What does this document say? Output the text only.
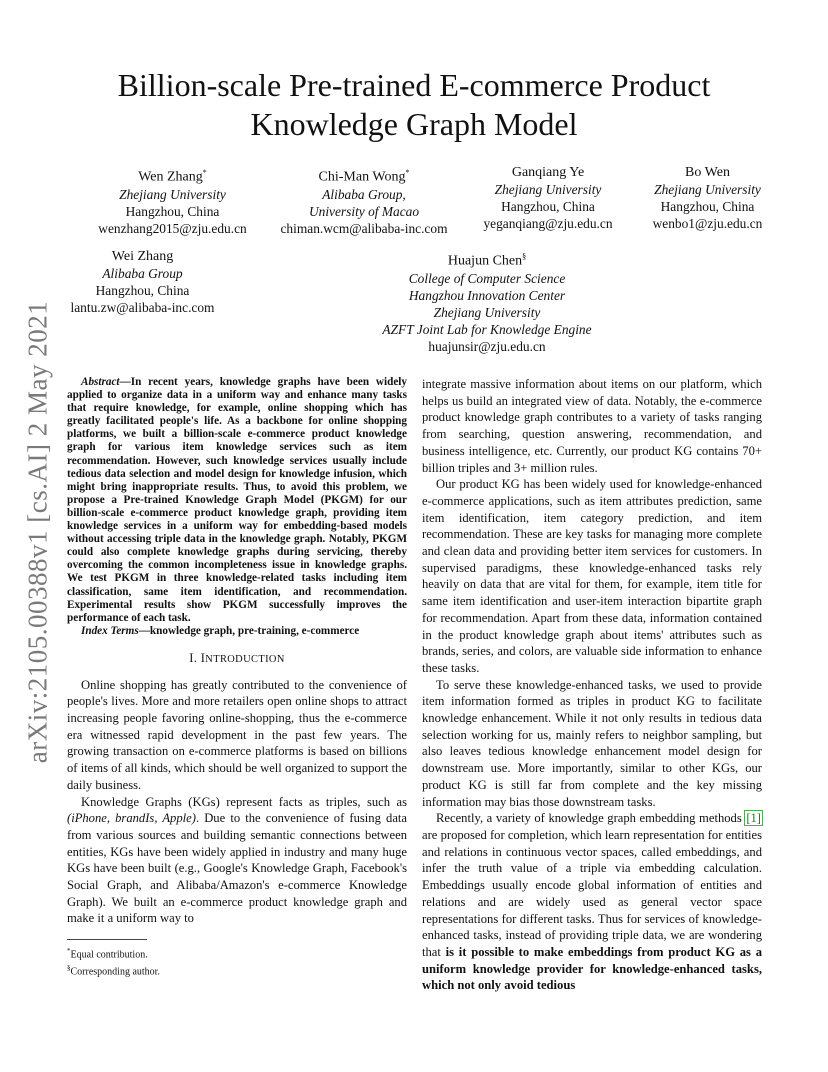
arXiv:2105.00388v1 [cs.AI] 2 May 2021
Billion-scale Pre-trained E-commerce Product
Knowledge Graph Model
Wen Zhang*
Zhejiang University
Hangzhou, China
wenzhang2015@zju.edu.cn
Chi-Man Wong*
Alibaba Group,
University of Macao
chiman.wcm@alibaba-inc.com
Ganqiang Ye
Zhejiang University
Hangzhou, China
yeganqiang@zju.edu.cn
Bo Wen
Zhejiang University
Hangzhou, China
wenbo1@zju.edu.cn
Wei Zhang
Alibaba Group
Hangzhou, China
lantu.zw@alibaba-inc.com
Huajun Chen§
College of Computer Science
Hangzhou Innovation Center
Zhejiang University
AZFT Joint Lab for Knowledge Engine
huajunsir@zju.edu.cn

Abstract—In recent years, knowledge graphs have been widely applied to organize data in a uniform way and enhance many tasks that require knowledge, for example, online shopping which has greatly facilitated people's life. As a backbone for online shopping platforms, we built a billion-scale e-commerce product knowledge graph for various item knowledge services such as item recommendation. However, such knowledge services usually include tedious data selection and model design for knowledge infusion, which might bring inappropriate results. Thus, to avoid this problem, we propose a Pre-trained Knowledge Graph Model (PKGM) for our billion-scale e-commerce product knowledge graph, providing item knowledge services in a uniform way for embedding-based models without accessing triple data in the knowledge graph. Notably, PKGM could also complete knowledge graphs during servicing, thereby overcoming the common incompleteness issue in knowledge graphs. We test PKGM in three knowledge-related tasks including item classification, same item identification, and recommendation. Experimental results show PKGM successfully improves the performance of each task.

Index Terms—knowledge graph, pre-training, e-commerce

I. INTRODUCTION

Online shopping has greatly contributed to the convenience of people's lives. More and more retailers open online shops to attract increasing people favoring online-shopping, thus the e-commerce era witnessed rapid development in the past few years. The growing transaction on e-commerce platforms is based on billions of items of all kinds, which should be well organized to support the daily business.

Knowledge Graphs (KGs) represent facts as triples, such as (iPhone, brandIs, Apple). Due to the convenience of fusing data from various sources and building semantic connections between entities, KGs have been widely applied in industry and many huge KGs have been built (e.g., Google's Knowledge Graph, Facebook's Social Graph, and Alibaba/Amazon's e-commerce Knowledge Graph). We built an e-commerce product knowledge graph and make it a uniform way to

integrate massive information about items on our platform, which helps us build an integrated view of data. Notably, the e-commerce product knowledge graph contributes to a variety of tasks ranging from searching, question answering, recommendation, and business intelligence, etc. Currently, our product KG contains 70+ billion triples and 3+ million rules.

Our product KG has been widely used for knowledge-enhanced e-commerce applications, such as item attributes prediction, same item identification, item category prediction, and item recommendation. These are key tasks for managing more complete and clean data and providing better item services for customers. In supervised paradigms, these knowledge-enhanced tasks rely heavily on data that are vital for them, for example, item title for same item identification and user-item interaction bipartite graph for recommendation. Apart from these data, information contained in the product knowledge graph about items' attributes such as brands, series, and colors, are valuable side information to enhance these tasks.

To serve these knowledge-enhanced tasks, we used to provide item information formed as triples in product KG to facilitate knowledge enhancement. While it not only results in tedious data selection working for us, mainly refers to neighbor sampling, but also leaves tedious knowledge enhancement model design for downstream use. More importantly, similar to other KGs, our product KG is still far from complete and the key missing information may bias those downstream tasks.

Recently, a variety of knowledge graph embedding methods [1] are proposed for completion, which learn representation for entities and relations in continuous vector spaces, called embeddings, and infer the truth value of a triple via embedding calculation. Embeddings usually encode global information of entities and relations and are widely used as general vector space representations for different tasks. Thus for services of knowledge-enhanced tasks, instead of providing triple data, we are wondering that is it possible to make embeddings from product KG as a uniform knowledge provider for knowledge-enhanced tasks, which not only avoid tedious

*Equal contribution.
§Corresponding author.
